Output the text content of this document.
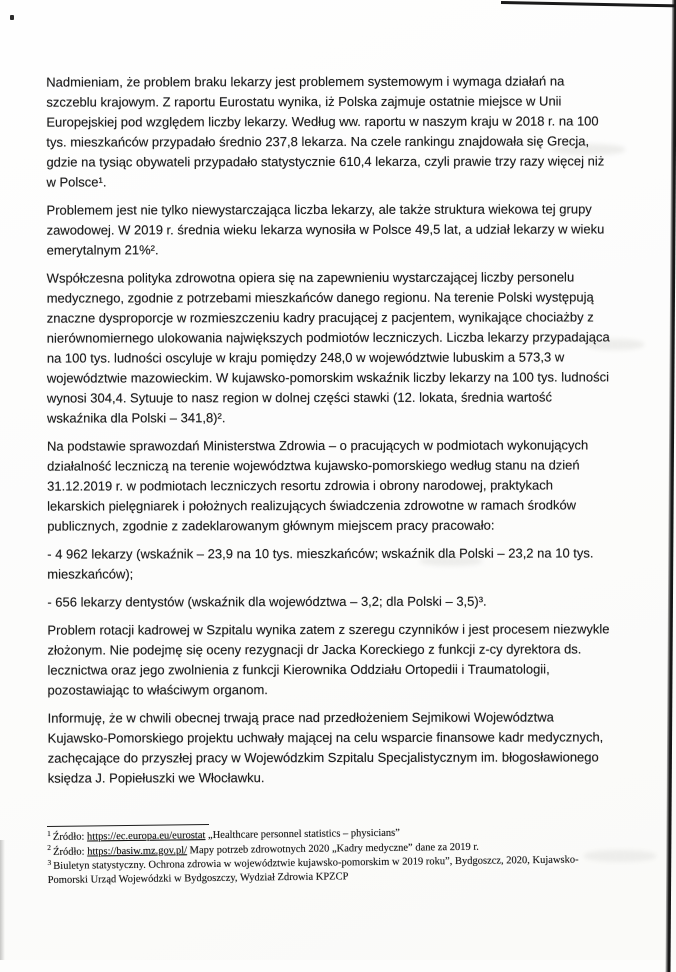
Nadmieniam, że problem braku lekarzy jest problemem systemowym i wymaga działań na szczeblu krajowym. Z raportu Eurostatu wynika, iż Polska zajmuje ostatnie miejsce w Unii Europejskiej pod względem liczby lekarzy. Według ww. raportu w naszym kraju w 2018 r. na 100 tys. mieszkańców przypadało średnio 237,8 lekarza. Na czele rankingu znajdowała się Grecja, gdzie na tysiąc obywateli przypadało statystycznie 610,4 lekarza, czyli prawie trzy razy więcej niż w Polsce¹.

Problemem jest nie tylko niewystarczająca liczba lekarzy, ale także struktura wiekowa tej grupy zawodowej. W 2019 r. średnia wieku lekarza wynosiła w Polsce 49,5 lat, a udział lekarzy w wieku emerytalnym 21%².

Współczesna polityka zdrowotna opiera się na zapewnieniu wystarczającej liczby personelu medycznego, zgodnie z potrzebami mieszkańców danego regionu. Na terenie Polski występują znaczne dysproporcje w rozmieszczeniu kadry pracującej z pacjentem, wynikające chociażby z nierównomiernego ulokowania największych podmiotów leczniczych. Liczba lekarzy przypadająca na 100 tys. ludności oscyluje w kraju pomiędzy 248,0 w województwie lubuskim a 573,3 w województwie mazowieckim. W kujawsko-pomorskim wskaźnik liczby lekarzy na 100 tys. ludności wynosi 304,4. Sytuuje to nasz region w dolnej części stawki (12. lokata, średnia wartość wskaźnika dla Polski – 341,8)².

Na podstawie sprawozdań Ministerstwa Zdrowia – o pracujących w podmiotach wykonujących działalność leczniczą na terenie województwa kujawsko-pomorskiego według stanu na dzień 31.12.2019 r. w podmiotach leczniczych resortu zdrowia i obrony narodowej, praktykach lekarskich pielęgniarek i położnych realizujących świadczenia zdrowotne w ramach środków publicznych, zgodnie z zadeklarowanym głównym miejscem pracy pracowało:

- 4 962 lekarzy (wskaźnik – 23,9 na 10 tys. mieszkańców; wskaźnik dla Polski – 23,2 na 10 tys. mieszkańców);

- 656 lekarzy dentystów (wskaźnik dla województwa – 3,2; dla Polski – 3,5)³.

Problem rotacji kadrowej w Szpitalu wynika zatem z szeregu czynników i jest procesem niezwykle złożonym. Nie podejmę się oceny rezygnacji dr Jacka Koreckiego z funkcji z-cy dyrektora ds. lecznictwa oraz jego zwolnienia z funkcji Kierownika Oddziału Ortopedii i Traumatologii, pozostawiając to właściwym organom.

Informuję, że w chwili obecnej trwają prace nad przedłożeniem Sejmikowi Województwa Kujawsko-Pomorskiego projektu uchwały mającej na celu wsparcie finansowe kadr medycznych, zachęcające do przyszłej pracy w Wojewódzkim Szpitalu Specjalistycznym im. błogosławionego księdza J. Popiełuszki we Włocławku.

$^1$ Źródło: https://ec.europa.eu/eurostat „Healthcare personnel statistics – physicians”
$^2$ Źródło: https://basiw.mz.gov.pl/ Mapy potrzeb zdrowotnych 2020 „Kadry medyczne” dane za 2019 r.
$^3$ Biuletyn statystyczny. Ochrona zdrowia w województwie kujawsko-pomorskim w 2019 roku”, Bydgoszcz, 2020, Kujawsko-Pomorski Urząd Wojewódzki w Bydgoszczy, Wydział Zdrowia KPZCP
